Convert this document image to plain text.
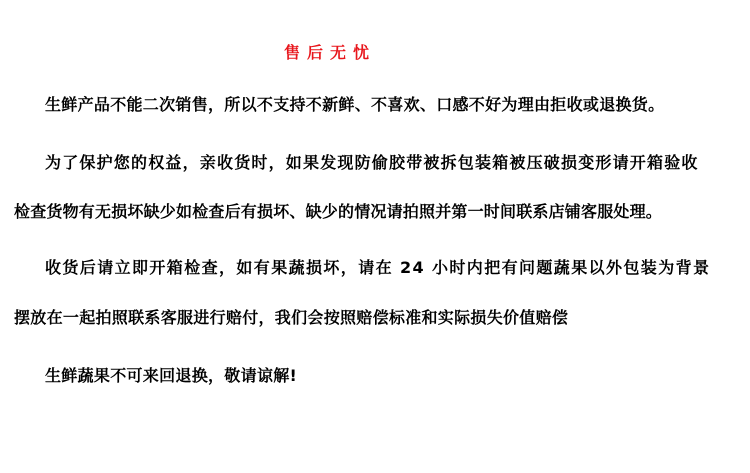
售后无忧
生鲜产品不能二次销售，所以不支持不新鲜、不喜欢、口感不好为理由拒收或退换货。
为了保护您的权益，亲收货时，如果发现防偷胶带被拆包装箱被压破损变形请开箱验收
检查货物有无损坏缺少如检查后有损坏、缺少的情况请拍照并第一时间联系店铺客服处理。
收货后请立即开箱检查，如有果蔬损坏，请在 24 小时内把有问题蔬果以外包装为背景
摆放在一起拍照联系客服进行赔付，我们会按照赔偿标准和实际损失价值赔偿
生鲜蔬果不可来回退换，敬请谅解!
